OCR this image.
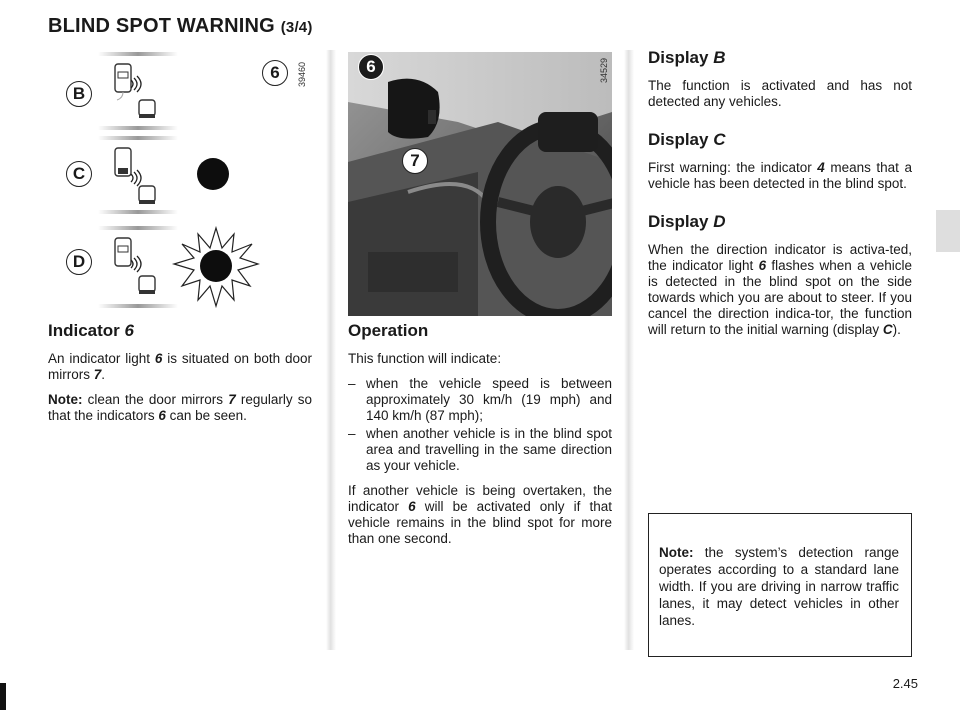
BLIND SPOT WARNING (3/4)
B
C
D
6 39460	6
7
34529
Indicator 6

An indicator light 6 is situated on both door mirrors 7.

Note: clean the door mirrors 7 regularly so that the indicators 6 can be seen.

Operation

This function will indicate:

– when the vehicle speed is between approximately 30 km/h (19 mph) and 140 km/h (87 mph);
– when another vehicle is in the blind spot area and travelling in the same direction as your vehicle.

If another vehicle is being overtaken, the indicator 6 will be activated only if that vehicle remains in the blind spot for more than one second.

Display B

The function is activated and has not detected any vehicles.

Display C

First warning: the indicator 4 means that a vehicle has been detected in the blind spot.

Display D

When the direction indicator is activa-ted, the indicator light 6 flashes when a vehicle is detected in the blind spot on the side towards which you are about to steer. If you cancel the direction indica-tor, the function will return to the initial warning (display C).

Note: the system’s detection range operates according to a standard lane width. If you are driving in narrow traffic lanes, it may detect vehicles in other lanes.
2.45
